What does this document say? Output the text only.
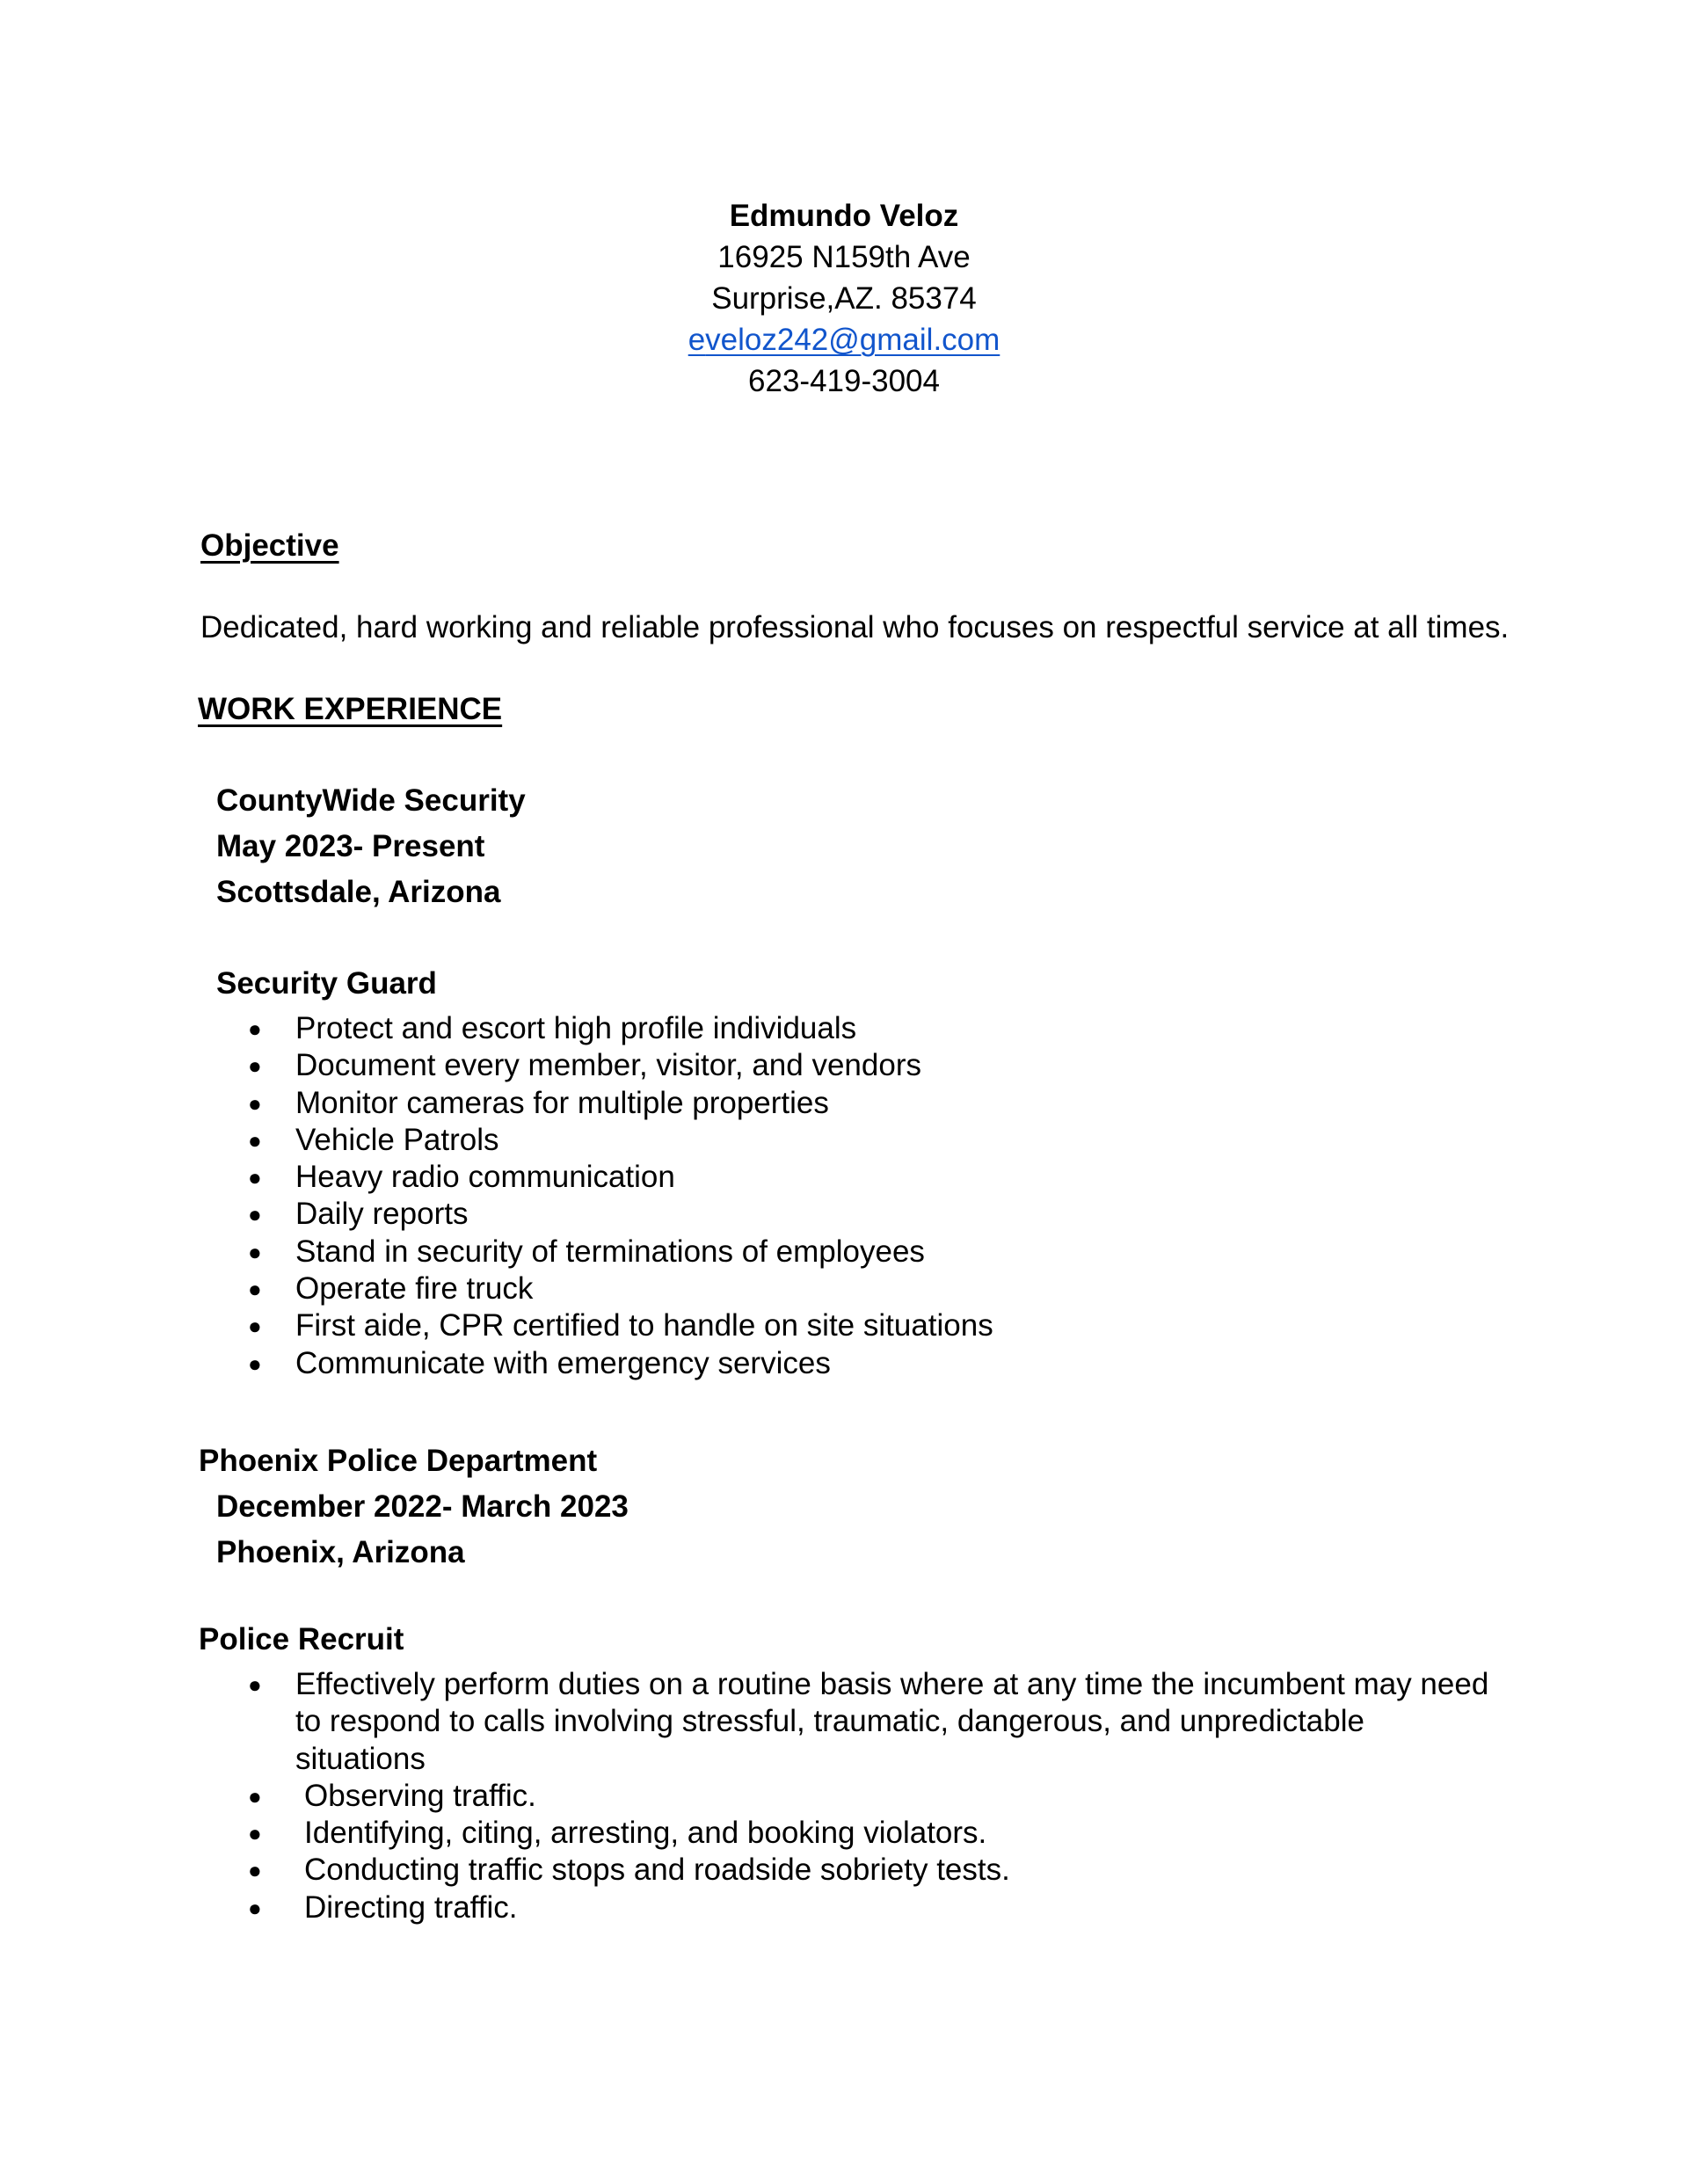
Edmundo Veloz
16925 N159th Ave
Surprise,AZ. 85374
eveloz242@gmail.com
623-419-3004
Objective
Dedicated, hard working and reliable professional who focuses on respectful service at all times.
WORK EXPERIENCE
CountyWide Security
May 2023- Present
Scottsdale, Arizona
Security Guard
●	Protect and escort high profile individuals
●	Document every member, visitor, and vendors
●	Monitor cameras for multiple properties
●	Vehicle Patrols
●	Heavy radio communication
●	Daily reports
●	Stand in security of terminations of employees
●	Operate fire truck
●	First aide, CPR certified to handle on site situations
●	Communicate with emergency services
Phoenix Police Department
December 2022- March 2023
Phoenix, Arizona
Police Recruit
●	Effectively perform duties on a routine basis where at any time the incumbent may need to respond to calls involving stressful, traumatic, dangerous, and unpredictable situations
●	Observing traffic.
●	Identifying, citing, arresting, and booking violators.
●	Conducting traffic stops and roadside sobriety tests.
●	Directing traffic.
